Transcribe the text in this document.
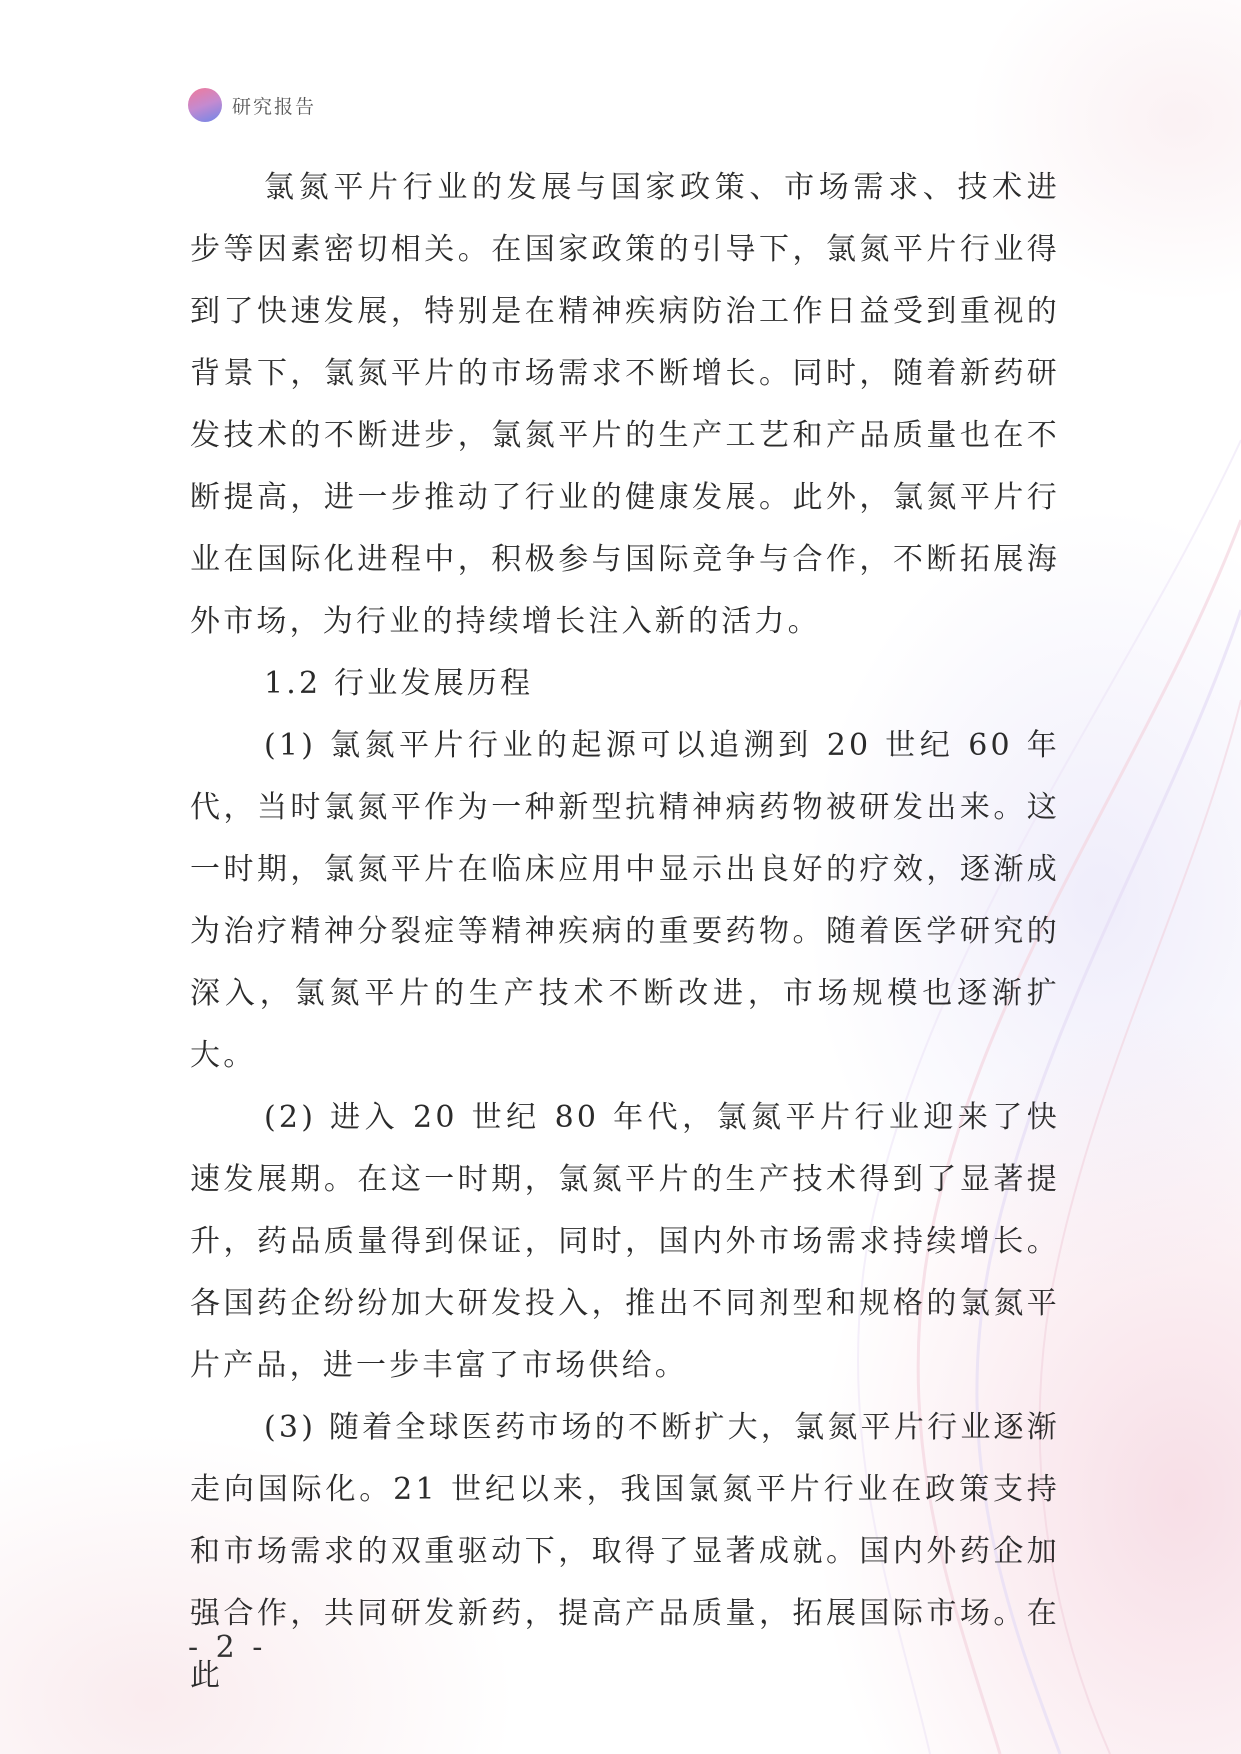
研究报告

氯氮平片行业的发展与国家政策、市场需求、技术进步等因素密切相关。在国家政策的引导下，氯氮平片行业得到了快速发展，特别是在精神疾病防治工作日益受到重视的背景下，氯氮平片的市场需求不断增长。同时，随着新药研发技术的不断进步，氯氮平片的生产工艺和产品质量也在不断提高，进一步推动了行业的健康发展。此外，氯氮平片行业在国际化进程中，积极参与国际竞争与合作，不断拓展海外市场，为行业的持续增长注入新的活力。

1.2 行业发展历程

(1) 氯氮平片行业的起源可以追溯到 20 世纪 60 年代，当时氯氮平作为一种新型抗精神病药物被研发出来。这一时期，氯氮平片在临床应用中显示出良好的疗效，逐渐成为治疗精神分裂症等精神疾病的重要药物。随着医学研究的深入，氯氮平片的生产技术不断改进，市场规模也逐渐扩大。

(2) 进入 20 世纪 80 年代，氯氮平片行业迎来了快速发展期。在这一时期，氯氮平片的生产技术得到了显著提升，药品质量得到保证，同时，国内外市场需求持续增长。各国药企纷纷加大研发投入，推出不同剂型和规格的氯氮平片产品，进一步丰富了市场供给。

(3) 随着全球医药市场的不断扩大，氯氮平片行业逐渐走向国际化。21 世纪以来，我国氯氮平片行业在政策支持和市场需求的双重驱动下，取得了显著成就。国内外药企加强合作，共同研发新药，提高产品质量，拓展国际市场。在此

- 2 -
